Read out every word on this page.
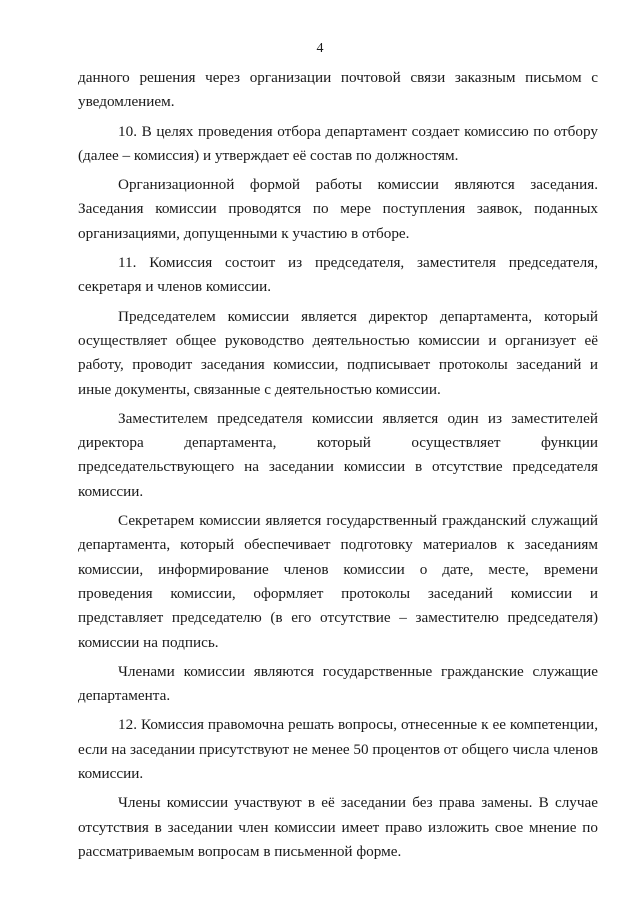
4

данного решения через организации почтовой связи заказным письмом с уведомлением.

10. В целях проведения отбора департамент создает комиссию по отбору (далее – комиссия) и утверждает её состав по должностям.

Организационной формой работы комиссии являются заседания. Заседания комиссии проводятся по мере поступления заявок, поданных организациями, допущенными к участию в отборе.

11. Комиссия состоит из председателя, заместителя председателя, секретаря и членов комиссии.

Председателем комиссии является директор департамента, который осуществляет общее руководство деятельностью комиссии и организует её работу, проводит заседания комиссии, подписывает протоколы заседаний и иные документы, связанные с деятельностью комиссии.

Заместителем председателя комиссии является один из заместителей директора департамента, который осуществляет функции председательствующего на заседании комиссии в отсутствие председателя комиссии.

Секретарем комиссии является государственный гражданский служащий департамента, который обеспечивает подготовку материалов к заседаниям комиссии, информирование членов комиссии о дате, месте, времени проведения комиссии, оформляет протоколы заседаний комиссии и представляет председателю (в его отсутствие – заместителю председателя) комиссии на подпись.

Членами комиссии являются государственные гражданские служащие департамента.

12. Комиссия правомочна решать вопросы, отнесенные к ее компетенции, если на заседании присутствуют не менее 50 процентов от общего числа членов комиссии.

Члены комиссии участвуют в её заседании без права замены. В случае отсутствия в заседании член комиссии имеет право изложить свое мнение по рассматриваемым вопросам в письменной форме.
